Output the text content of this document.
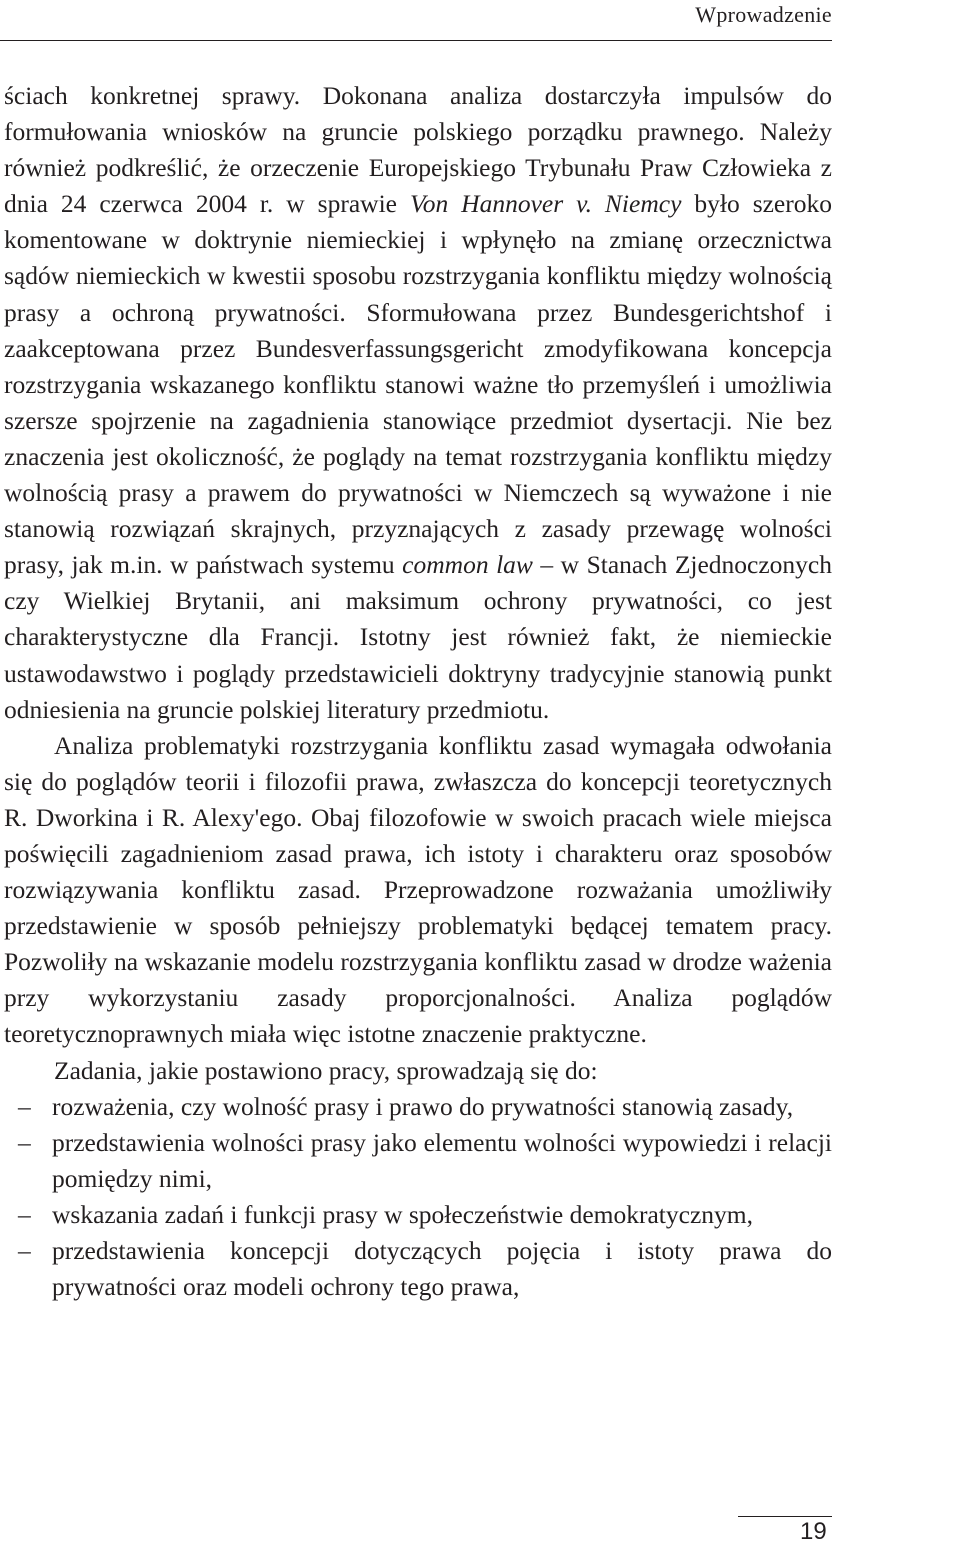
Wprowadzenie

ściach konkretnej sprawy. Dokonana analiza dostarczyła impulsów do formułowania wniosków na gruncie polskiego porządku prawnego. Należy również podkreślić, że orzeczenie Europejskiego Trybunału Praw Człowieka z dnia 24 czerwca 2004 r. w sprawie Von Hannover v. Niemcy było szeroko komentowane w doktrynie niemieckiej i wpłynęło na zmianę orzecznictwa sądów niemieckich w kwestii sposobu rozstrzygania konfliktu między wolnością prasy a ochroną prywatności. Sformułowana przez Bundesgerichtshof i zaakceptowana przez Bundesverfassungsgericht zmodyfikowana koncepcja rozstrzygania wskazanego konfliktu stanowi ważne tło przemyśleń i umożliwia szersze spojrzenie na zagadnienia stanowiące przedmiot dysertacji. Nie bez znaczenia jest okoliczność, że poglądy na temat rozstrzygania konfliktu między wolnością prasy a prawem do prywatności w Niemczech są wyważone i nie stanowią rozwiązań skrajnych, przyznających z zasady przewagę wolności prasy, jak m.in. w państwach systemu common law – w Stanach Zjednoczonych czy Wielkiej Brytanii, ani maksimum ochrony prywatności, co jest charakterystyczne dla Francji. Istotny jest również fakt, że niemieckie ustawodawstwo i poglądy przedstawicieli doktryny tradycyjnie stanowią punkt odniesienia na gruncie polskiej literatury przedmiotu.

Analiza problematyki rozstrzygania konfliktu zasad wymagała odwołania się do poglądów teorii i filozofii prawa, zwłaszcza do koncepcji teoretycznych R. Dworkina i R. Alexy'ego. Obaj filozofowie w swoich pracach wiele miejsca poświęcili zagadnieniom zasad prawa, ich istoty i charakteru oraz sposobów rozwiązywania konfliktu zasad. Przeprowadzone rozważania umożliwiły przedstawienie w sposób pełniejszy problematyki będącej tematem pracy. Pozwoliły na wskazanie modelu rozstrzygania konfliktu zasad w drodze ważenia przy wykorzystaniu zasady proporcjonalności. Analiza poglądów teoretycznoprawnych miała więc istotne znaczenie praktyczne.

Zadania, jakie postawiono pracy, sprowadzają się do:

– rozważenia, czy wolność prasy i prawo do prywatności stanowią zasady,
– przedstawienia wolności prasy jako elementu wolności wypowiedzi i relacji pomiędzy nimi,
– wskazania zadań i funkcji prasy w społeczeństwie demokratycznym,
– przedstawienia koncepcji dotyczących pojęcia i istoty prawa do prywatności oraz modeli ochrony tego prawa,
19
